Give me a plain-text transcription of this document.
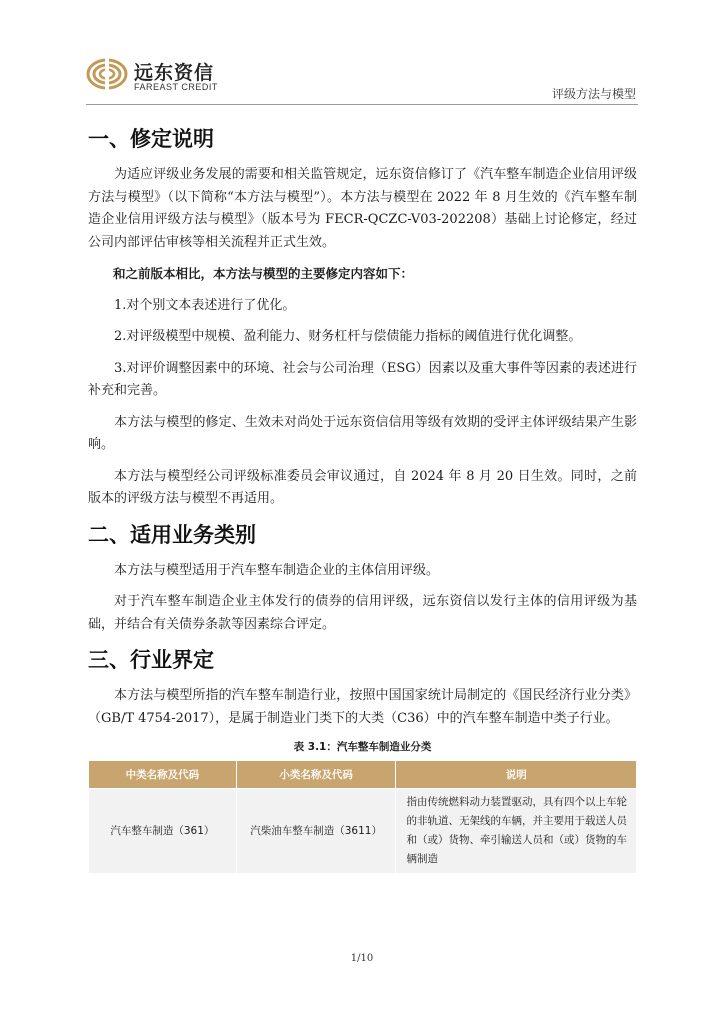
远东资信
FAREAST CREDIT	评级方法与模型
一、修定说明

为适应评级业务发展的需要和相关监管规定，远东资信修订了《汽车整车制造企业信用评级方法与模型》（以下简称“本方法与模型”）。本方法与模型在 2022 年 8 月生效的《汽车整车制造企业信用评级方法与模型》（版本号为 FECR-QCZC-V03-202208）基础上讨论修定，经过公司内部评估审核等相关流程并正式生效。

和之前版本相比，本方法与模型的主要修定内容如下：

1.对个别文本表述进行了优化。

2.对评级模型中规模、盈利能力、财务杠杆与偿债能力指标的阈值进行优化调整。

3.对评价调整因素中的环境、社会与公司治理（ESG）因素以及重大事件等因素的表述进行补充和完善。

本方法与模型的修定、生效未对尚处于远东资信信用等级有效期的受评主体评级结果产生影响。

本方法与模型经公司评级标准委员会审议通过，自 2024 年 8 月 20 日生效。同时，之前版本的评级方法与模型不再适用。

二、适用业务类别

本方法与模型适用于汽车整车制造企业的主体信用评级。

对于汽车整车制造企业主体发行的债券的信用评级，远东资信以发行主体的信用评级为基础，并结合有关债券条款等因素综合评定。

三、行业界定

本方法与模型所指的汽车整车制造行业，按照中国国家统计局制定的《国民经济行业分类》（GB/T 4754-2017），是属于制造业门类下的大类（C36）中的汽车整车制造中类子行业。

表 3.1：汽车整车制造业分类
中类名称及代码	小类名称及代码	说明
汽车整车制造（361）	汽柴油车整车制造（3611）	指由传统燃料动力装置驱动，具有四个以上车轮的非轨道、无架线的车辆，并主要用于载送人员和（或）货物、牵引输送人员和（或）货物的车辆制造
1/10
